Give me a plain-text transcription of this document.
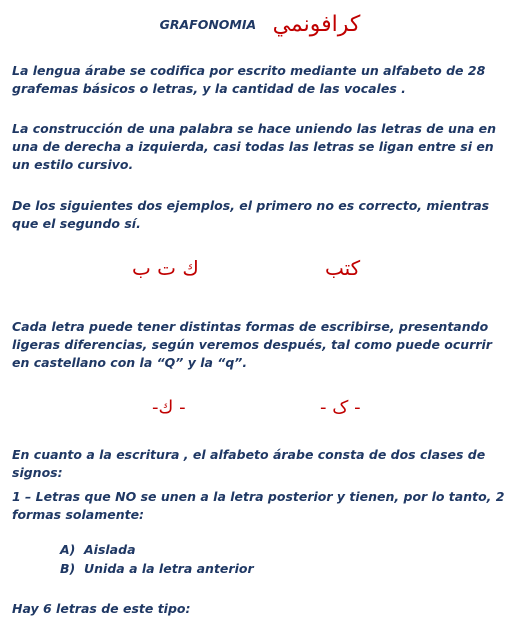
GRAFONOMIA كرافونمي
La lengua árabe se codifica por escrito mediante un alfabeto de 28 grafemas básicos o letras, y la cantidad de las vocales .
La construcción de una palabra se hace uniendo las letras de una en una de derecha a izquierda, casi todas las letras se ligan entre si en un estilo cursivo.
De los siguientes dos ejemplos, el primero no es correcto, mientras que el segundo sí.
ك ت ب	كتب
Cada letra puede tener distintas formas de escribirse, presentando ligeras diferencias, según veremos después, tal como puede ocurrir en castellano con la “Q” y la “q”.
-ك -	- ک -
En cuanto a la escritura , el alfabeto árabe consta de dos clases de signos:
1 – Letras que NO se unen a la letra posterior y tienen, por lo tanto, 2 formas solamente:
A) Aislada
B) Unida a la letra anterior
Hay 6 letras de este tipo:
